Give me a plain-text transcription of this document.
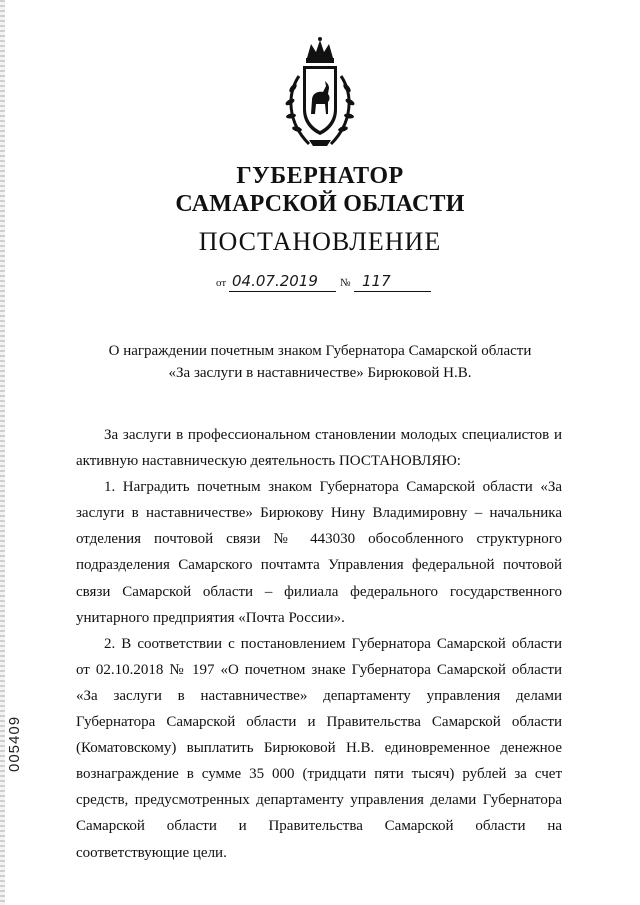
ГУБЕРНАТОР
САМАРСКОЙ ОБЛАСТИ
ПОСТАНОВЛЕНИЕ
от 04.07.2019 № 117
О награждении почетным знаком Губернатора Самарской области
«За заслуги в наставничестве» Бирюковой Н.В.

За заслуги в профессиональном становлении молодых специалистов и активную наставническую деятельность ПОСТАНОВЛЯЮ:

1. Наградить почетным знаком Губернатора Самарской области «За заслуги в наставничестве» Бирюкову Нину Владимировну – начальника отделения почтовой связи № 443030 обособленного структурного подразделения Самарского почтамта Управления федеральной почтовой связи Самарской области – филиала федерального государственного унитарного предприятия «Почта России».

2. В соответствии с постановлением Губернатора Самарской области от 02.10.2018 № 197 «О почетном знаке Губернатора Самарской области «За заслуги в наставничестве» департаменту управления делами Губернатора Самарской области и Правительства Самарской области (Коматовскому) выплатить Бирюковой Н.В. единовременное денежное вознаграждение в сумме 35 000 (тридцати пяти тысяч) рублей за счет средств, предусмотренных департаменту управления делами Губернатора Самарской области и Правительства Самарской области на соответствующие цели.

005409
